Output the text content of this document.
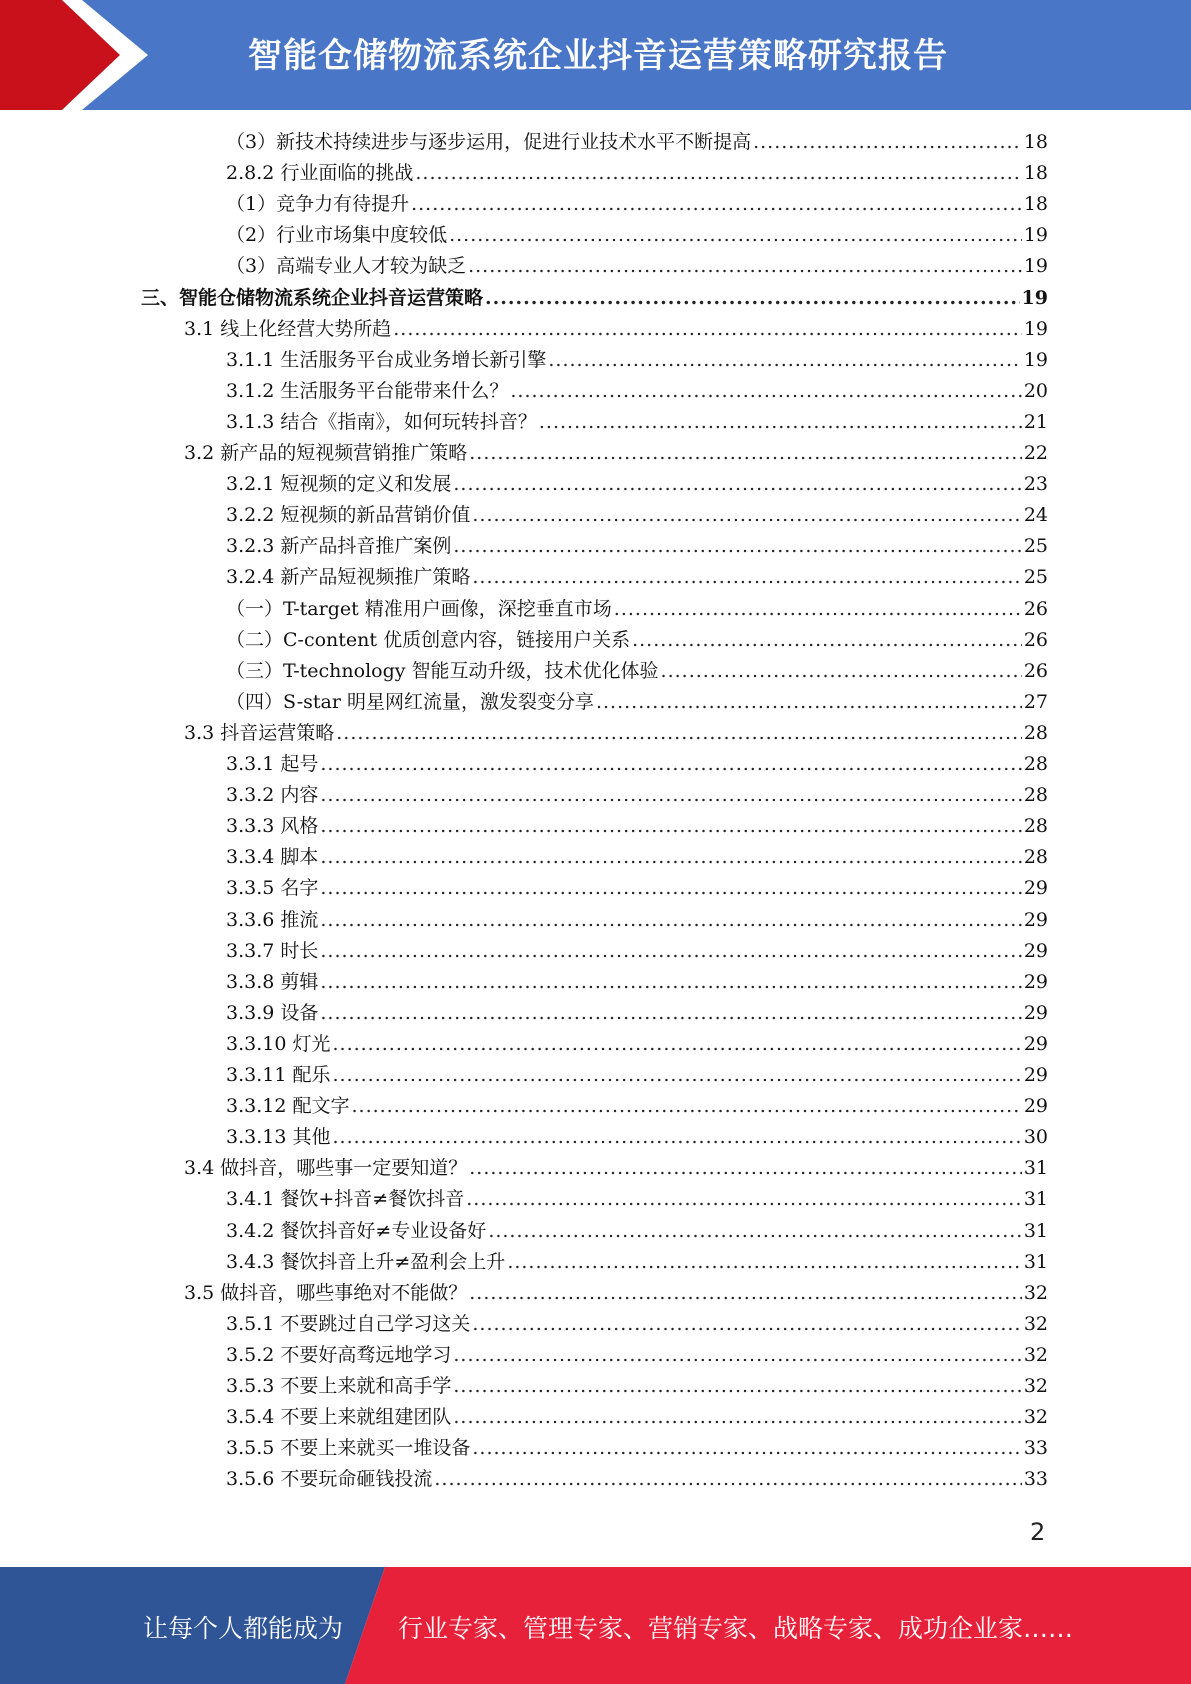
智能仓储物流系统企业抖音运营策略研究报告
（3）新技术持续进步与逐步运用，促进行业技术水平不断提高 .....	18
2.8.2 行业面临的挑战 .....	18
（1）竞争力有待提升 .....	18
（2）行业市场集中度较低 .....	19
（3）高端专业人才较为缺乏 .....	19
三、智能仓储物流系统企业抖音运营策略 .....	19
3.1 线上化经营大势所趋 .....	19
3.1.1 生活服务平台成业务增长新引擎 .....	19
3.1.2 生活服务平台能带来什么？ .....	20
3.1.3 结合《指南》，如何玩转抖音？ .....	21
3.2 新产品的短视频营销推广策略 .....	22
3.2.1 短视频的定义和发展 .....	23
3.2.2 短视频的新品营销价值 .....	24
3.2.3 新产品抖音推广案例 .....	25
3.2.4 新产品短视频推广策略 .....	25
（一）T-target 精准用户画像，深挖垂直市场 .....	26
（二）C-content 优质创意内容，链接用户关系 .....	26
（三）T-technology 智能互动升级，技术优化体验 .....	26
（四）S-star 明星网红流量，激发裂变分享 .....	27
3.3 抖音运营策略 .....	28
3.3.1 起号 .....	28
3.3.2 内容 .....	28
3.3.3 风格 .....	28
3.3.4 脚本 .....	28
3.3.5 名字 .....	29
3.3.6 推流 .....	29
3.3.7 时长 .....	29
3.3.8 剪辑 .....	29
3.3.9 设备 .....	29
3.3.10 灯光 .....	29
3.3.11 配乐 .....	29
3.3.12 配文字 .....	29
3.3.13 其他 .....	30
3.4 做抖音，哪些事一定要知道？ .....	31
3.4.1 餐饮+抖音≠餐饮抖音 .....	31
3.4.2 餐饮抖音好≠专业设备好 .....	31
3.4.3 餐饮抖音上升≠盈利会上升 .....	31
3.5 做抖音，哪些事绝对不能做？ .....	32
3.5.1 不要跳过自己学习这关 .....	32
3.5.2 不要好高骛远地学习 .....	32
3.5.3 不要上来就和高手学 .....	32
3.5.4 不要上来就组建团队 .....	32
3.5.5 不要上来就买一堆设备 .....	33
3.5.6 不要玩命砸钱投流 .....	33
2
让每个人都能成为 行业专家、管理专家、营销专家、战略专家、成功企业家……
